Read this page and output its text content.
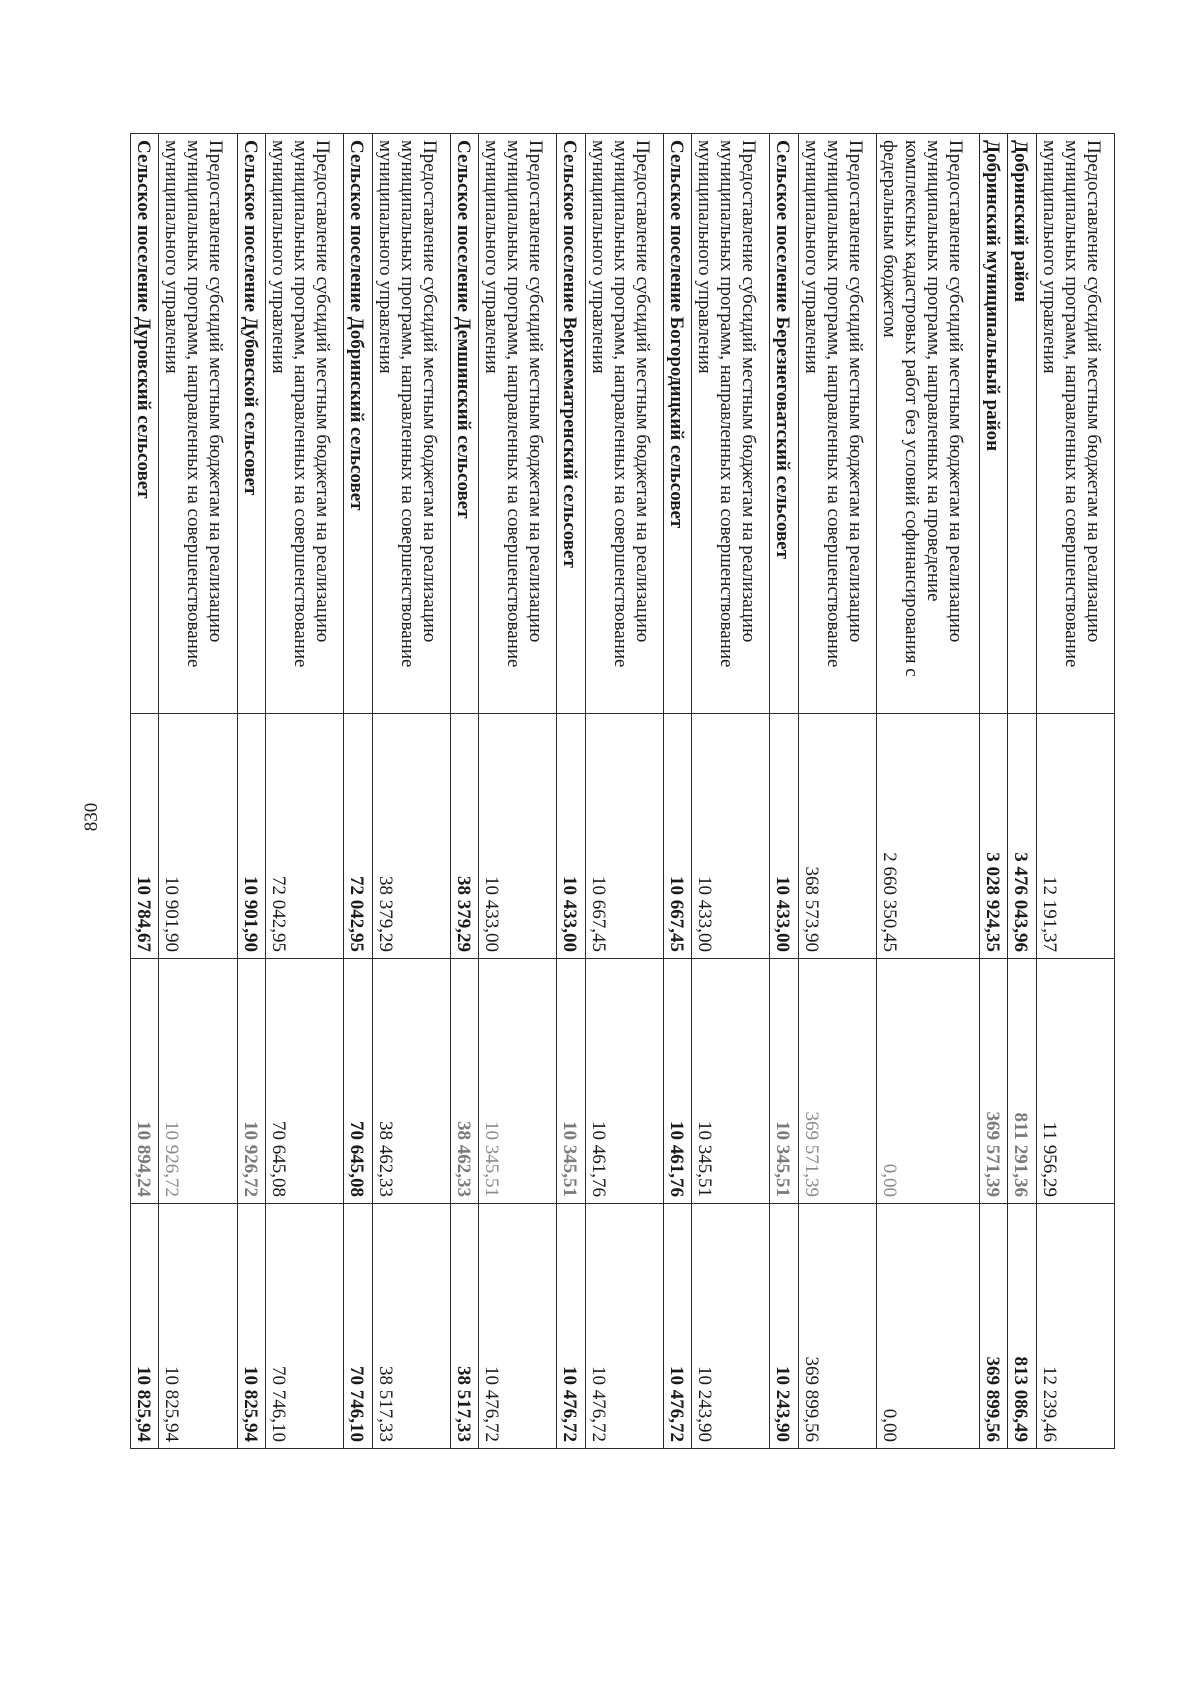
830
Предоставление субсидий местным бюджетам на реализацию муниципальных программ, направленных на совершенствование муниципального управления	12 191,37	11 956,29	12 239,46
Добринский район	3 476 043,96	811 291,36	813 086,49
Добринский муниципальный район	3 028 924,35	369 571,39	369 899,56
Предоставление субсидий местным бюджетам на реализацию муниципальных программ, направленных на проведение комплексных кадастровых работ без условий софинансирования с федеральным бюджетом	2 660 350,45	0,00	0,00
Предоставление субсидий местным бюджетам на реализацию муниципальных программ, направленных на совершенствование муниципального управления	368 573,90	369 571,39	369 899,56
Сельское поселение Березнеговатский сельсовет	10 433,00	10 345,51	10 243,90
Предоставление субсидий местным бюджетам на реализацию муниципальных программ, направленных на совершенствование муниципального управления	10 433,00	10 345,51	10 243,90
Сельское поселение Богородицкий сельсовет	10 667,45	10 461,76	10 476,72
Предоставление субсидий местным бюджетам на реализацию муниципальных программ, направленных на совершенствование муниципального управления	10 667,45	10 461,76	10 476,72
Сельское поселение Верхнематренский сельсовет	10 433,00	10 345,51	10 476,72
Предоставление субсидий местным бюджетам на реализацию муниципальных программ, направленных на совершенствование муниципального управления	10 433,00	10 345,51	10 476,72
Сельское поселение Демшинский сельсовет	38 379,29	38 462,33	38 517,33
Предоставление субсидий местным бюджетам на реализацию муниципальных программ, направленных на совершенствование муниципального управления	38 379,29	38 462,33	38 517,33
Сельское поселение Добринский сельсовет	72 042,95	70 645,08	70 746,10
Предоставление субсидий местным бюджетам на реализацию муниципальных программ, направленных на совершенствование муниципального управления	72 042,95	70 645,08	70 746,10
Сельское поселение Дубовской сельсовет	10 901,90	10 926,72	10 825,94
Предоставление субсидий местным бюджетам на реализацию муниципальных программ, направленных на совершенствование муниципального управления	10 901,90	10 926,72	10 825,94
Сельское поселение Дуровский сельсовет	10 784,67	10 894,24	10 825,94
